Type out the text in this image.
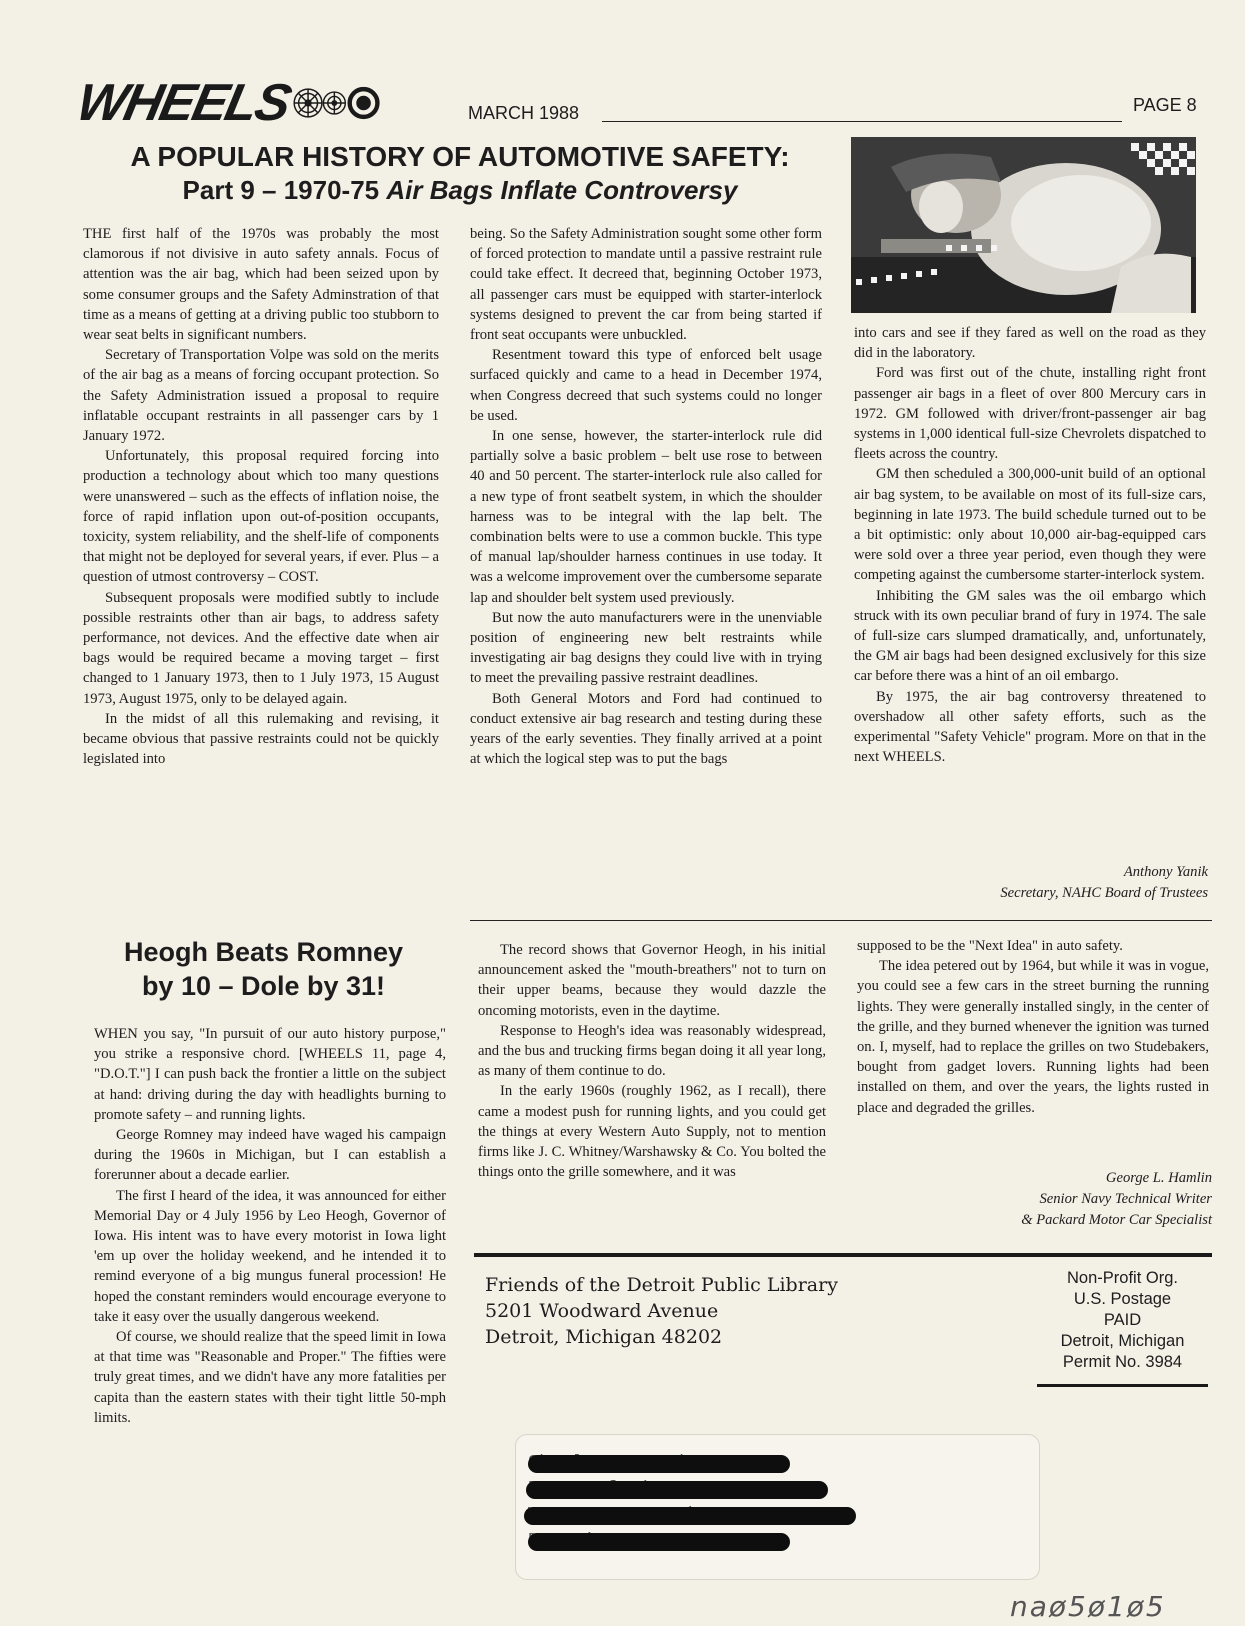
WHEELS	MARCH 1988	PAGE 8
A POPULAR HISTORY OF AUTOMOTIVE SAFETY:
Part 9 – 1970-75 Air Bags Inflate Controversy

THE first half of the 1970s was probably the most clamorous if not divisive in auto safety annals. Focus of attention was the air bag, which had been seized upon by some consumer groups and the Safety Adminstration of that time as a means of getting at a driving public too stubborn to wear seat belts in significant numbers.

Secretary of Transportation Volpe was sold on the merits of the air bag as a means of forcing occupant protection. So the Safety Administration issued a proposal to require inflatable occupant restraints in all passenger cars by 1 January 1972.

Unfortunately, this proposal required forcing into production a technology about which too many questions were unanswered – such as the effects of inflation noise, the force of rapid inflation upon out-of-position occupants, toxicity, system reliability, and the shelf-life of components that might not be deployed for several years, if ever. Plus – a question of utmost controversy – COST.

Subsequent proposals were modified subtly to include possible restraints other than air bags, to address safety performance, not devices. And the effective date when air bags would be required became a moving target – first changed to 1 January 1973, then to 1 July 1973, 15 August 1973, August 1975, only to be delayed again.

In the midst of all this rulemaking and revising, it became obvious that passive restraints could not be quickly legislated into

being. So the Safety Administration sought some other form of forced protection to mandate until a passive restraint rule could take effect. It decreed that, beginning October 1973, all passenger cars must be equipped with starter-interlock systems designed to prevent the car from being started if front seat occupants were unbuckled.

Resentment toward this type of enforced belt usage surfaced quickly and came to a head in December 1974, when Congress decreed that such systems could no longer be used.

In one sense, however, the starter-interlock rule did partially solve a basic problem – belt use rose to between 40 and 50 percent. The starter-interlock rule also called for a new type of front seatbelt system, in which the shoulder harness was to be integral with the lap belt. The combination belts were to use a common buckle. This type of manual lap/shoulder harness continues in use today. It was a welcome improvement over the cumbersome separate lap and shoulder belt system used previously.

But now the auto manufacturers were in the unenviable position of engineering new belt restraints while investigating air bag designs they could live with in trying to meet the prevailing passive restraint deadlines.

Both General Motors and Ford had continued to conduct extensive air bag research and testing during these years of the early seventies. They finally arrived at a point at which the logical step was to put the bags

into cars and see if they fared as well on the road as they did in the laboratory.

Ford was first out of the chute, installing right front passenger air bags in a fleet of over 800 Mercury cars in 1972. GM followed with driver/front-passenger air bag systems in 1,000 identical full-size Chevrolets dispatched to fleets across the country.

GM then scheduled a 300,000-unit build of an optional air bag system, to be available on most of its full-size cars, beginning in late 1973. The build schedule turned out to be a bit optimistic: only about 10,000 air-bag-equipped cars were sold over a three year period, even though they were competing against the cumbersome starter-interlock system.

Inhibiting the GM sales was the oil embargo which struck with its own peculiar brand of fury in 1974. The sale of full-size cars slumped dramatically, and, unfortunately, the GM air bags had been designed exclusively for this size car before there was a hint of an oil embargo.

By 1975, the air bag controversy threatened to overshadow all other safety efforts, such as the experimental "Safety Vehicle" program. More on that in the next WHEELS.

Anthony Yanik
Secretary, NAHC Board of Trustees
Heogh Beats Romney
by 10 – Dole by 31!

WHEN you say, "In pursuit of our auto history purpose," you strike a responsive chord. [WHEELS 11, page 4, "D.O.T."] I can push back the frontier a little on the subject at hand: driving during the day with headlights burning to promote safety – and running lights.

George Romney may indeed have waged his campaign during the 1960s in Michigan, but I can establish a forerunner about a decade earlier.

The first I heard of the idea, it was announced for either Memorial Day or 4 July 1956 by Leo Heogh, Governor of Iowa. His intent was to have every motorist in Iowa light 'em up over the holiday weekend, and he intended it to remind everyone of a big mungus funeral procession! He hoped the constant reminders would encourage everyone to take it easy over the usually dangerous weekend.

Of course, we should realize that the speed limit in Iowa at that time was "Reasonable and Proper." The fifties were truly great times, and we didn't have any more fatalities per capita than the eastern states with their tight little 50-mph limits.

The record shows that Governor Heogh, in his initial announcement asked the "mouth-breathers" not to turn on their upper beams, because they would dazzle the oncoming motorists, even in the daytime.

Response to Heogh's idea was reasonably widespread, and the bus and trucking firms began doing it all year long, as many of them continue to do.

In the early 1960s (roughly 1962, as I recall), there came a modest push for running lights, and you could get the things at every Western Auto Supply, not to mention firms like J. C. Whitney/Warshawsky & Co. You bolted the things onto the grille somewhere, and it was

supposed to be the "Next Idea" in auto safety.

The idea petered out by 1964, but while it was in vogue, you could see a few cars in the street burning the running lights. They were generally installed singly, in the center of the grille, and they burned whenever the ignition was turned on. I, myself, had to replace the grilles on two Studebakers, bought from gadget lovers. Running lights had been installed on them, and over the years, the lights rusted in place and degraded the grilles.

George L. Hamlin
Senior Navy Technical Writer
& Packard Motor Car Specialist
Friends of the Detroit Public Library
5201 Woodward Avenue
Detroit, Michigan 48202
Non-Profit Org.
U.S. Postage
PAID
Detroit, Michigan
Permit No. 3984
naø5ø1ø5
